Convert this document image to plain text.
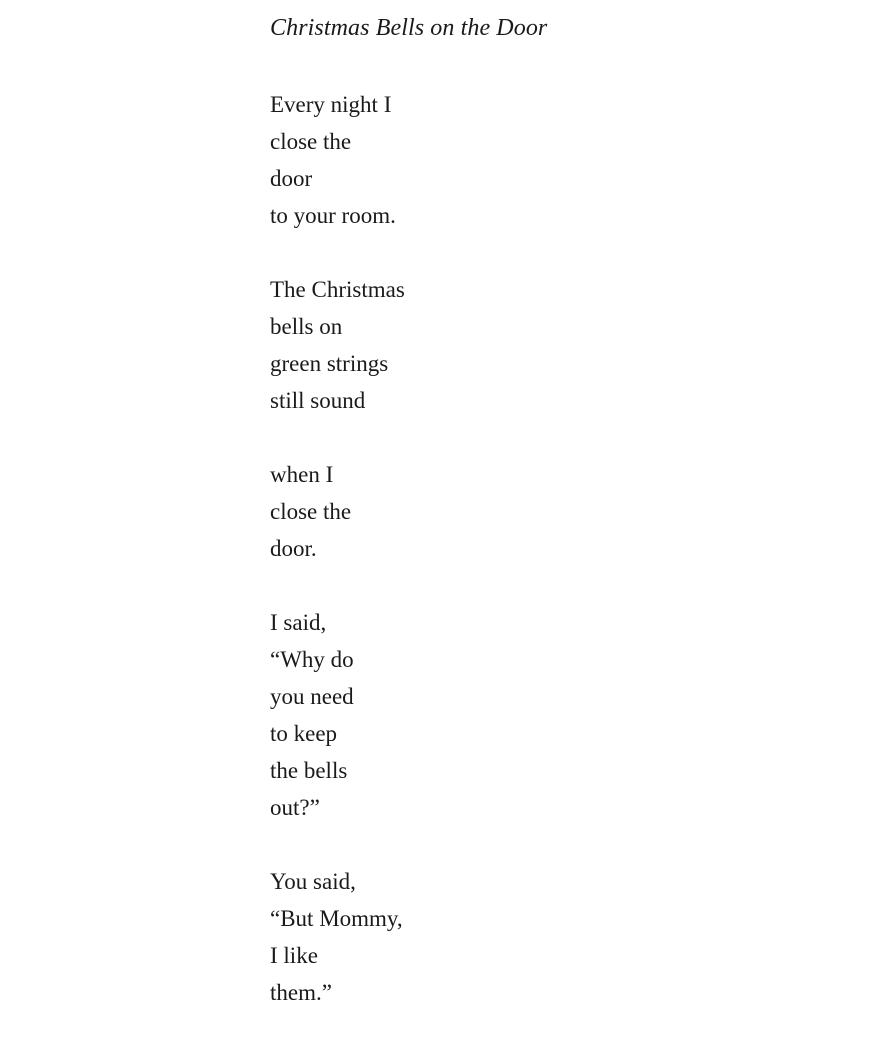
Christmas Bells on the Door
Every night I
close the
door
to your room.
The Christmas
bells on
green strings
still sound
when I
close the
door.
I said,
“Why do
you need
to keep
the bells
out?”
You said,
“But Mommy,
I like
them.”
